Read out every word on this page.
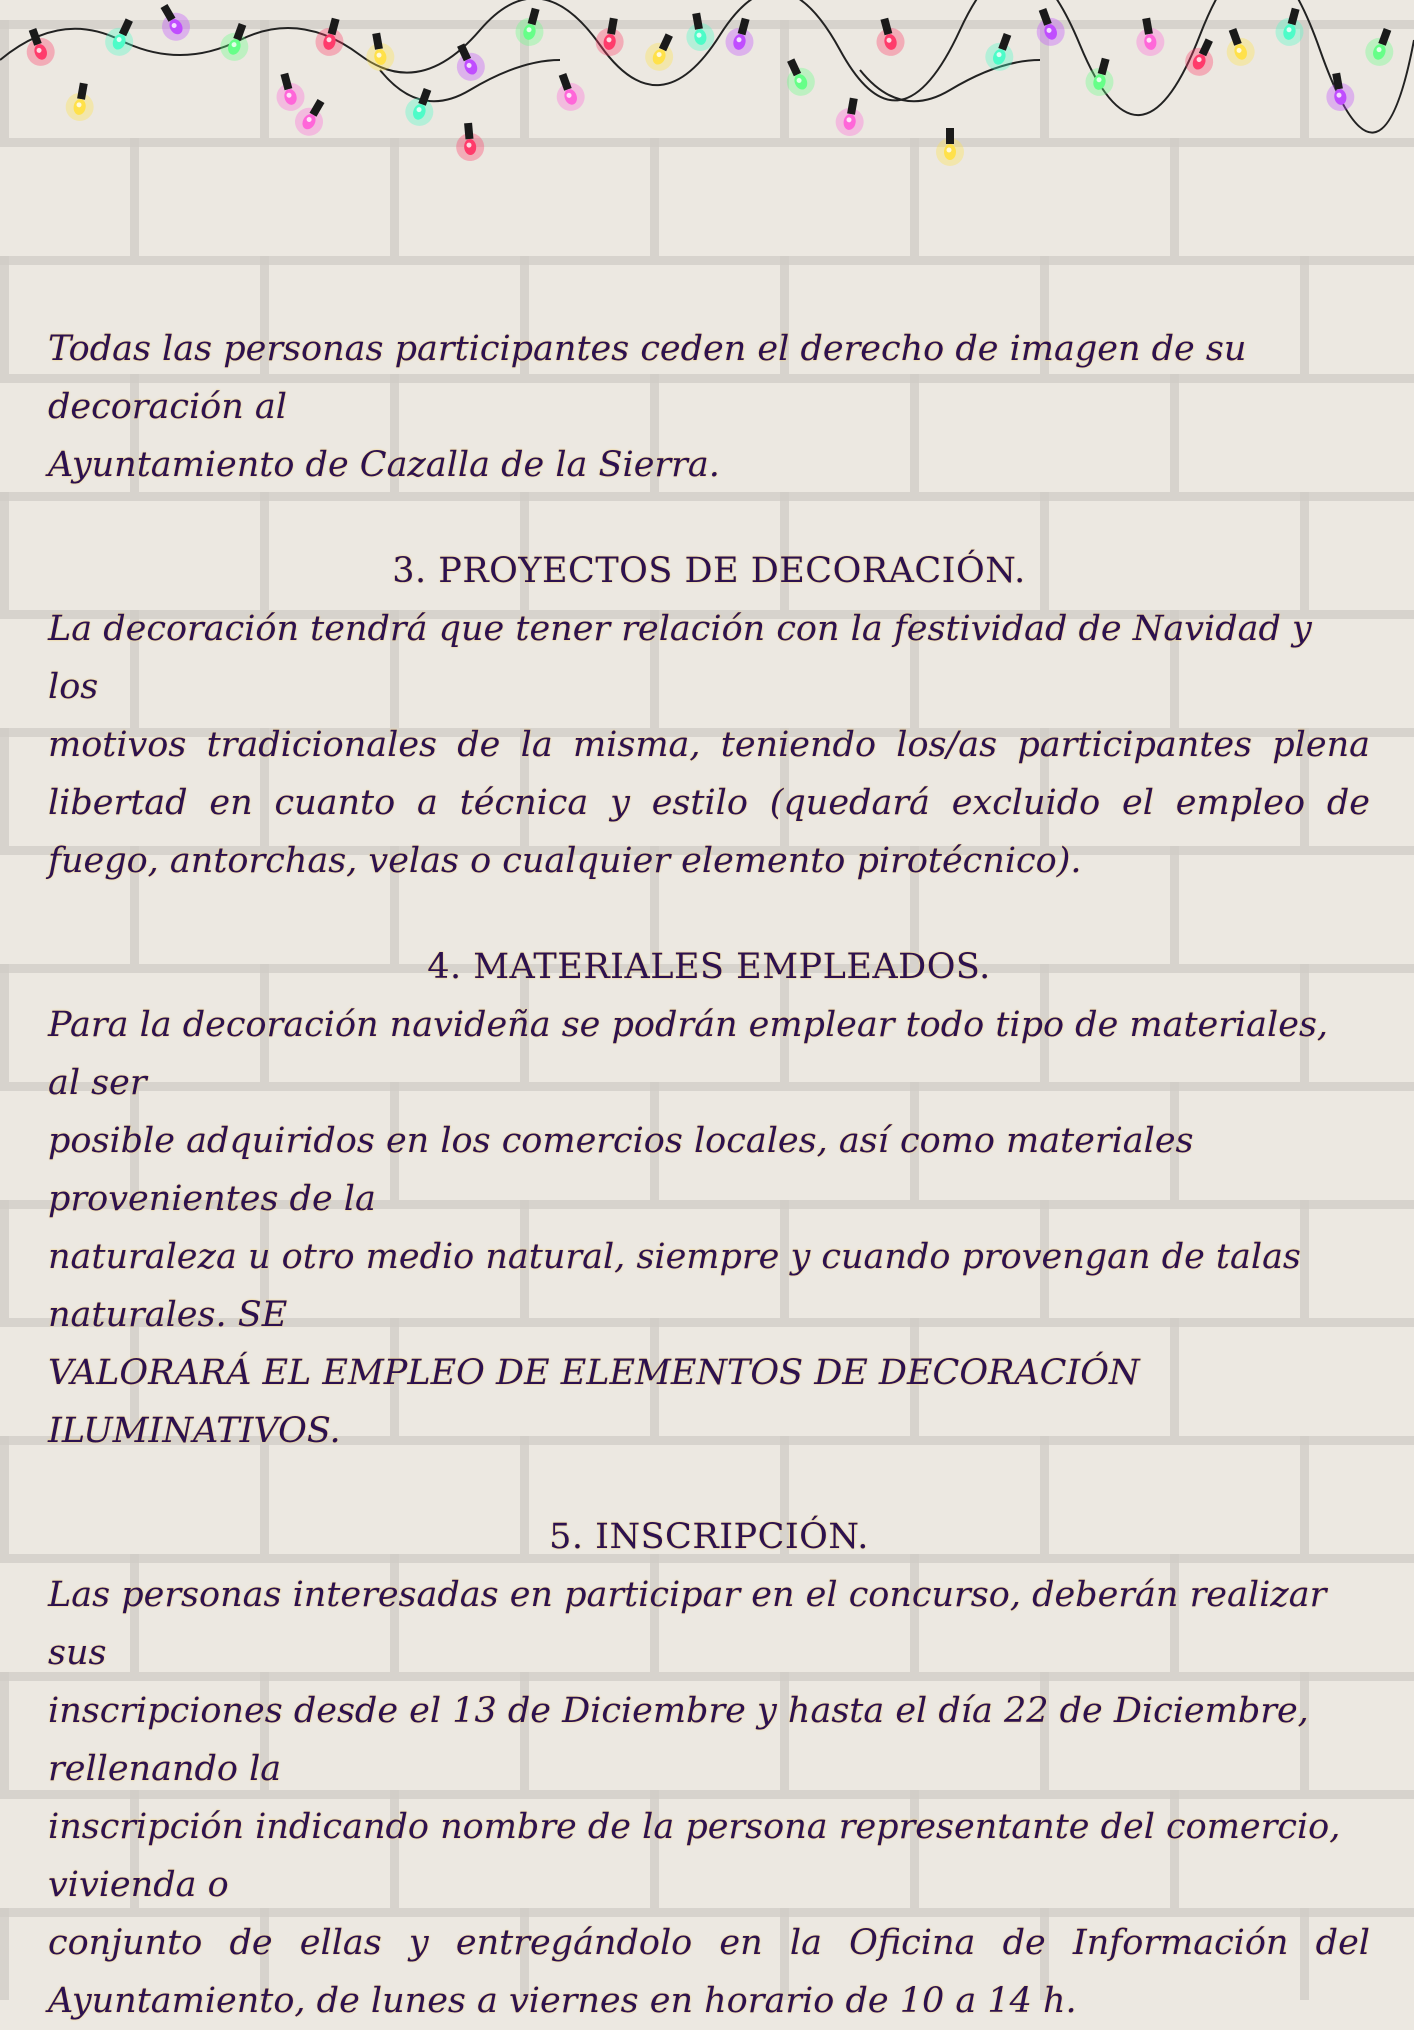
Todas las personas participantes ceden el derecho de imagen de su decoración al

Ayuntamiento de Cazalla de la Sierra.

3. PROYECTOS DE DECORACIÓN.

La decoración tendrá que tener relación con la festividad de Navidad y los

motivos tradicionales de la misma, teniendo los/as participantes plena libertad en cuanto a técnica y estilo (quedará excluido el empleo de fuego, antorchas, velas o cualquier elemento pirotécnico).

4. MATERIALES EMPLEADOS.

Para la decoración navideña se podrán emplear todo tipo de materiales, al ser

posible adquiridos en los comercios locales, así como materiales provenientes de la

naturaleza u otro medio natural, siempre y cuando provengan de talas naturales. SE

VALORARÁ EL EMPLEO DE ELEMENTOS DE DECORACIÓN ILUMINATIVOS.

5. INSCRIPCIÓN.

Las personas interesadas en participar en el concurso, deberán realizar sus

inscripciones desde el 13 de Diciembre y hasta el día 22 de Diciembre, rellenando la

inscripción indicando nombre de la persona representante del comercio, vivienda o

conjunto de ellas y entregándolo en la Oficina de Información del Ayuntamiento, de lunes a viernes en horario de 10 a 14 h.
